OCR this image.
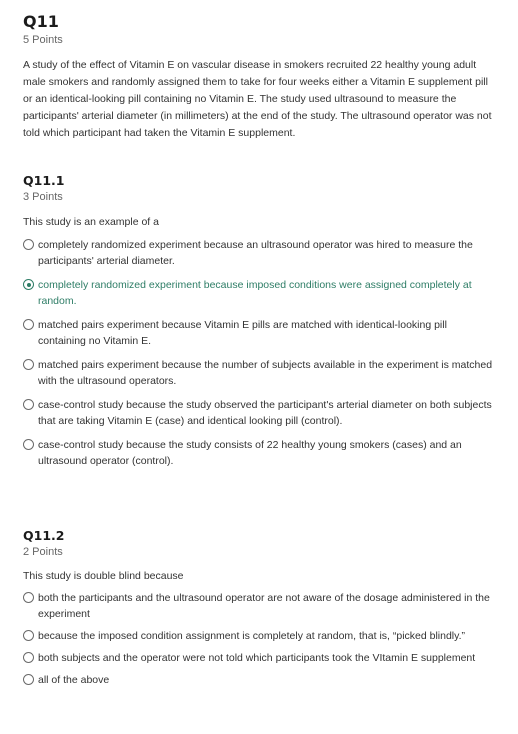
Q11
5 Points
A study of the effect of Vitamin E on vascular disease in smokers recruited 22 healthy young adult male smokers and randomly assigned them to take for four weeks either a Vitamin E supplement pill or an identical-looking pill containing no Vitamin E. The study used ultrasound to measure the participants' arterial diameter (in millimeters) at the end of the study. The ultrasound operator was not told which participant had taken the Vitamin E supplement.
Q11.1
3 Points
This study is an example of a
completely randomized experiment because an ultrasound operator was hired to measure the participants' arterial diameter.
completely randomized experiment because imposed conditions were assigned completely at random.
matched pairs experiment because Vitamin E pills are matched with identical-looking pill containing no Vitamin E.
matched pairs experiment because the number of subjects available in the experiment is matched with the ultrasound operators.
case-control study because the study observed the participant's arterial diameter on both subjects that are taking Vitamin E (case) and identical looking pill (control).
case-control study because the study consists of 22 healthy young smokers (cases) and an ultrasound operator (control).
Q11.2
2 Points
This study is double blind because
both the participants and the ultrasound operator are not aware of the dosage administered in the experiment
because the imposed condition assignment is completely at random, that is, “picked blindly.”
both subjects and the operator were not told which participants took the VItamin E supplement
all of the above
